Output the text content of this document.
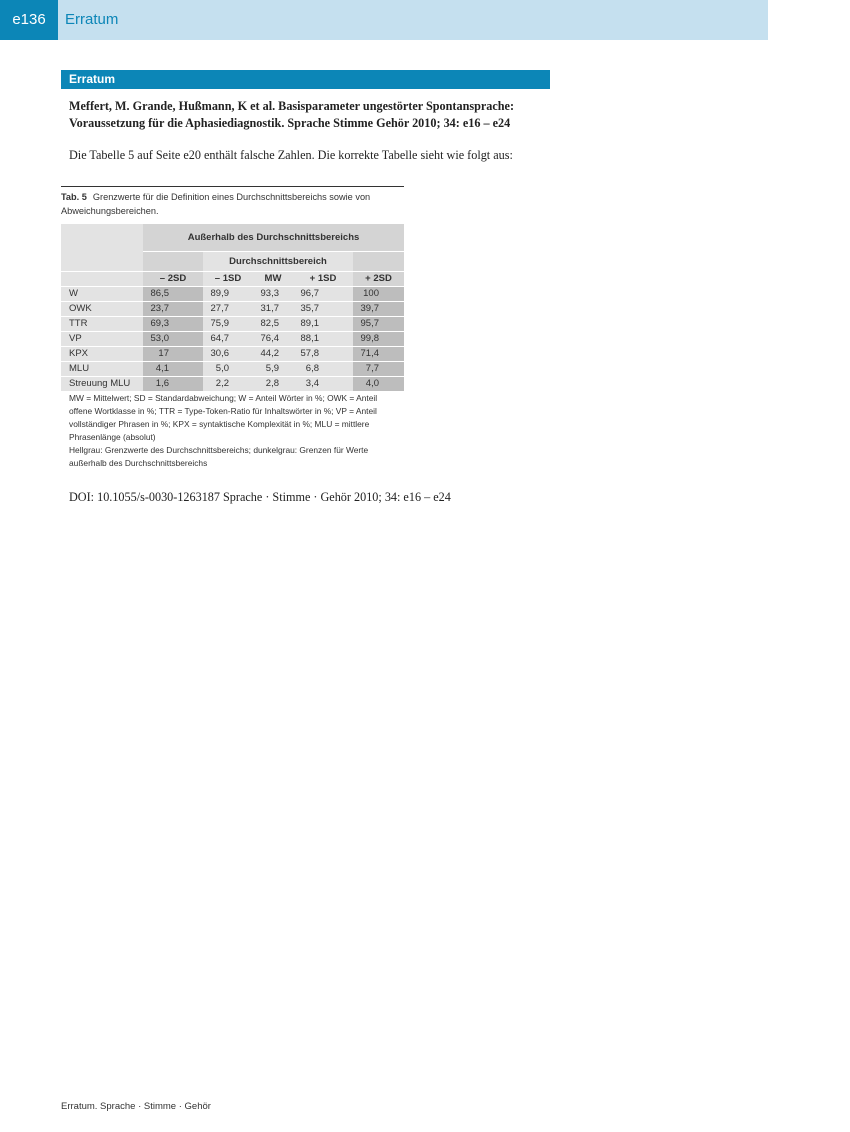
e136	Erratum
Erratum
Meffert, M. Grande, Hußmann, K et al. Basisparameter ungestörter Spontansprache:
Voraussetzung für die Aphasiediagnostik. Sprache Stimme Gehör 2010; 34: e16 – e24
Die Tabelle 5 auf Seite e20 enthält falsche Zahlen. Die korrekte Tabelle sieht wie folgt aus:
Tab. 5 Grenzwerte für die Definition eines Durchschnittsbereichs sowie von
Abweichungsbereichen.
	Außerhalb des Durchschnittsbereichs				
		Durchschnittsbereich			
	– 2SD	– 1SD	MW	+ 1SD	+ 2SD
W	86,5	89,9	93,3	96,7	100
OWK	23,7	27,7	31,7	35,7	39,7
TTR	69,3	75,9	82,5	89,1	95,7
VP	53,0	64,7	76,4	88,1	99,8
KPX	17	30,6	44,2	57,8	71,4
MLU	4,1	5,0	5,9	6,8	7,7
Streuung MLU	1,6	2,2	2,8	3,4	4,0
MW = Mittelwert; SD = Standardabweichung; W = Anteil Wörter in %; OWK = Anteil
offene Wortklasse in %; TTR = Type-Token-Ratio für Inhaltswörter in %; VP = Anteil
vollständiger Phrasen in %; KPX = syntaktische Komplexität in %; MLU = mittlere
Phrasenlänge (absolut)
Hellgrau: Grenzwerte des Durchschnittsbereichs; dunkelgrau: Grenzen für Werte
außerhalb des Durchschnittsbereichs
DOI: 10.1055/s-0030-1263187 Sprache · Stimme · Gehör 2010; 34: e16 – e24
Erratum. Sprache · Stimme · Gehör
